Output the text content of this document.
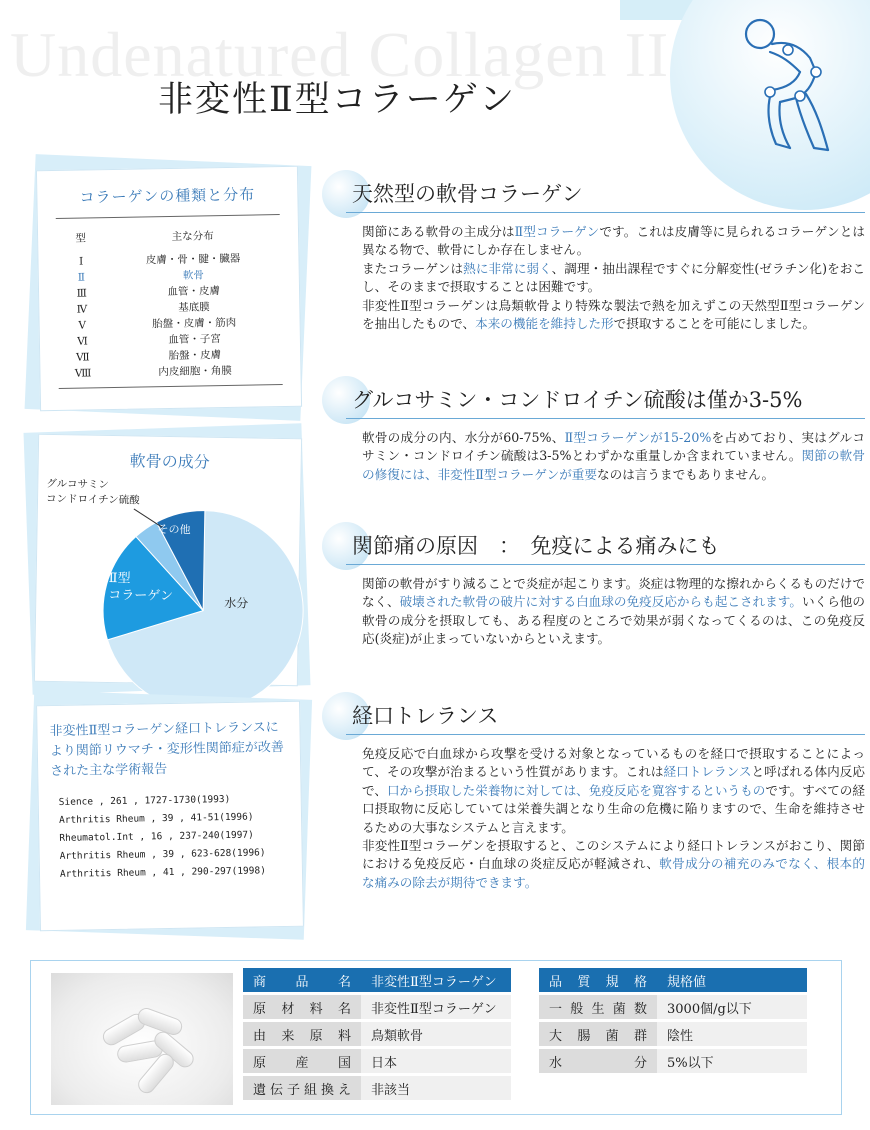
Undenatured Collagen II
非変性Ⅱ型コラーゲン
コラーゲンの種類と分布
型	主な分布
Ⅰ	皮膚・骨・腱・臓器
Ⅱ	軟骨
Ⅲ	血管・皮膚
Ⅳ	基底膜
Ⅴ	胎盤・皮膚・筋肉
Ⅵ	血管・子宮
Ⅶ	胎盤・皮膚
Ⅷ	内皮細胞・角膜
軟骨の成分
グルコサミン
コンドロイチン硫酸
その他
Ⅱ型
コラーゲン	水分
非変性Ⅱ型コラーゲン経口トレランスにより関節リウマチ・変形性関節症が改善された主な学術報告
Sience , 261 , 1727-1730(1993)
Arthritis Rheum , 39 , 41-51(1996)
Rheumatol.Int , 16 , 237-240(1997)
Arthritis Rheum , 39 , 623-628(1996)
Arthritis Rheum , 41 , 290-297(1998)
天然型の軟骨コラーゲン

関節にある軟骨の主成分はⅡ型コラーゲンです。これは皮膚等に見られるコラーゲンとは異なる物で、軟骨にしか存在しません。

またコラーゲンは熱に非常に弱く、調理・抽出課程ですぐに分解変性(ゼラチン化)をおこし、そのままで摂取することは困難です。

非変性Ⅱ型コラーゲンは鳥類軟骨より特殊な製法で熱を加えずこの天然型Ⅱ型コラーゲンを抽出したもので、本来の機能を維持した形で摂取することを可能にしました。

グルコサミン・コンドロイチン硫酸は僅か3-5%

軟骨の成分の内、水分が60-75%、Ⅱ型コラーゲンが15-20%を占めており、実はグルコサミン・コンドロイチン硫酸は3-5%とわずかな重量しか含まれていません。関節の軟骨の修復には、非変性Ⅱ型コラーゲンが重要なのは言うまでもありません。

関節痛の原因　：　免疫による痛みにも

関節の軟骨がすり減ることで炎症が起こります。炎症は物理的な擦れからくるものだけでなく、破壊された軟骨の破片に対する白血球の免疫反応からも起こされます。いくら他の軟骨の成分を摂取しても、ある程度のところで効果が弱くなってくるのは、この免疫反応(炎症)が止まっていないからといえます。

経口トレランス

免疫反応で白血球から攻撃を受ける対象となっているものを経口で摂取することによって、その攻撃が治まるという性質があります。これは経口トレランスと呼ばれる体内反応で、口から摂取した栄養物に対しては、免疫反応を寛容するというものです。すべての経口摂取物に反応していては栄養失調となり生命の危機に陥りますので、生命を維持させるための大事なシステムと言えます。

非変性Ⅱ型コラーゲンを摂取すると、このシステムにより経口トレランスがおこり、関節における免疫反応・白血球の炎症反応が軽減され、軟骨成分の補充のみでなく、根本的な痛みの除去が期待できます。

商品名	非変性Ⅱ型コラーゲン
原材料名	非変性Ⅱ型コラーゲン
由来原料	鳥類軟骨
原産国	日本
遺伝子組換え	非該当
品質規格	規格値
一般生菌数	3000個/g以下
大腸菌群	陰性
水分	5%以下
